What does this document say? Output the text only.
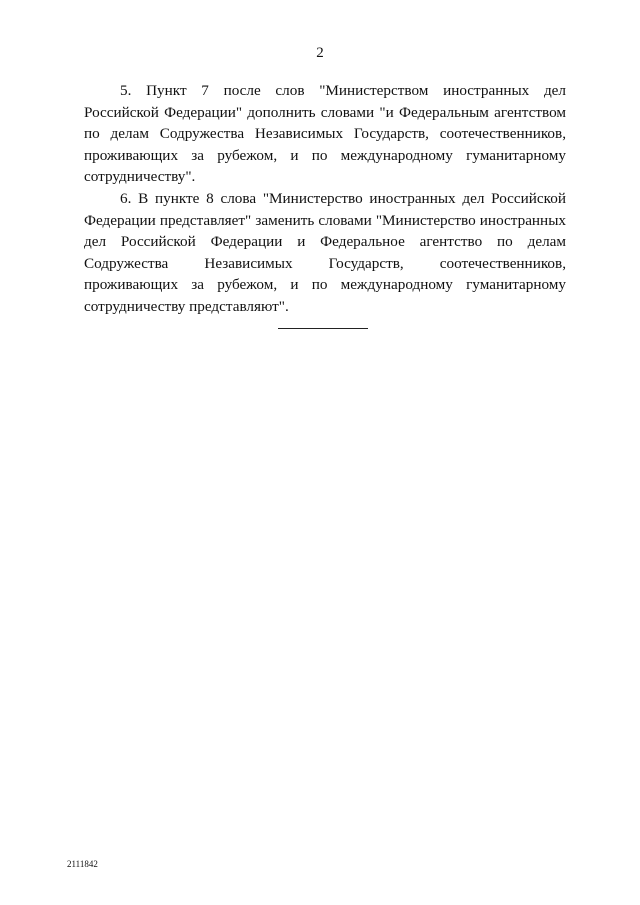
2

5. Пункт 7 после слов "Министерством иностранных дел Российской Федерации" дополнить словами "и Федеральным агентством по делам Содружества Независимых Государств, соотечественников, проживающих за рубежом, и по международному гуманитарному сотрудничеству".

6. В пункте 8 слова "Министерство иностранных дел Российской Федерации представляет" заменить словами "Министерство иностранных дел Российской Федерации и Федеральное агентство по делам Содружества Независимых Государств, соотечественников, проживающих за рубежом, и по международному гуманитарному сотрудничеству представляют".

2111842
